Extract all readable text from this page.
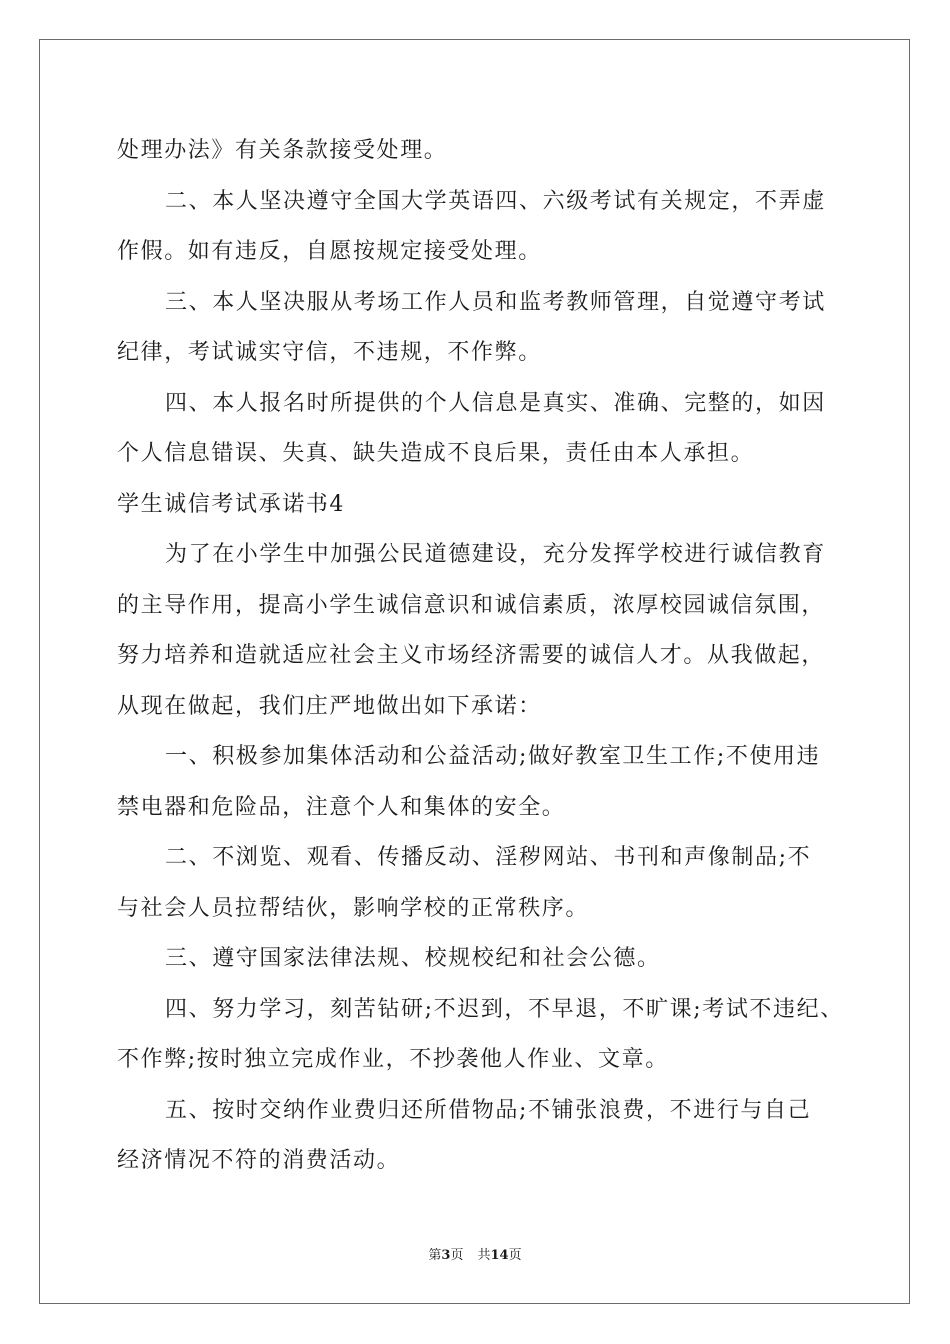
处理办法》有关条款接受处理。
二、本人坚决遵守全国大学英语四、六级考试有关规定，不弄虚
作假。如有违反，自愿按规定接受处理。
三、本人坚决服从考场工作人员和监考教师管理，自觉遵守考试
纪律，考试诚实守信，不违规，不作弊。
四、本人报名时所提供的个人信息是真实、准确、完整的，如因
个人信息错误、失真、缺失造成不良后果，责任由本人承担。
学生诚信考试承诺书4
为了在小学生中加强公民道德建设，充分发挥学校进行诚信教育
的主导作用，提高小学生诚信意识和诚信素质，浓厚校园诚信氛围，
努力培养和造就适应社会主义市场经济需要的诚信人才。从我做起，
从现在做起，我们庄严地做出如下承诺：
一、积极参加集体活动和公益活动;做好教室卫生工作;不使用违
禁电器和危险品，注意个人和集体的安全。
二、不浏览、观看、传播反动、淫秽网站、书刊和声像制品;不
与社会人员拉帮结伙，影响学校的正常秩序。
三、遵守国家法律法规、校规校纪和社会公德。
四、努力学习，刻苦钻研;不迟到，不早退，不旷课;考试不违纪、
不作弊;按时独立完成作业，不抄袭他人作业、文章。
五、按时交纳作业费归还所借物品;不铺张浪费，不进行与自己
经济情况不符的消费活动。
第3页 共14页
